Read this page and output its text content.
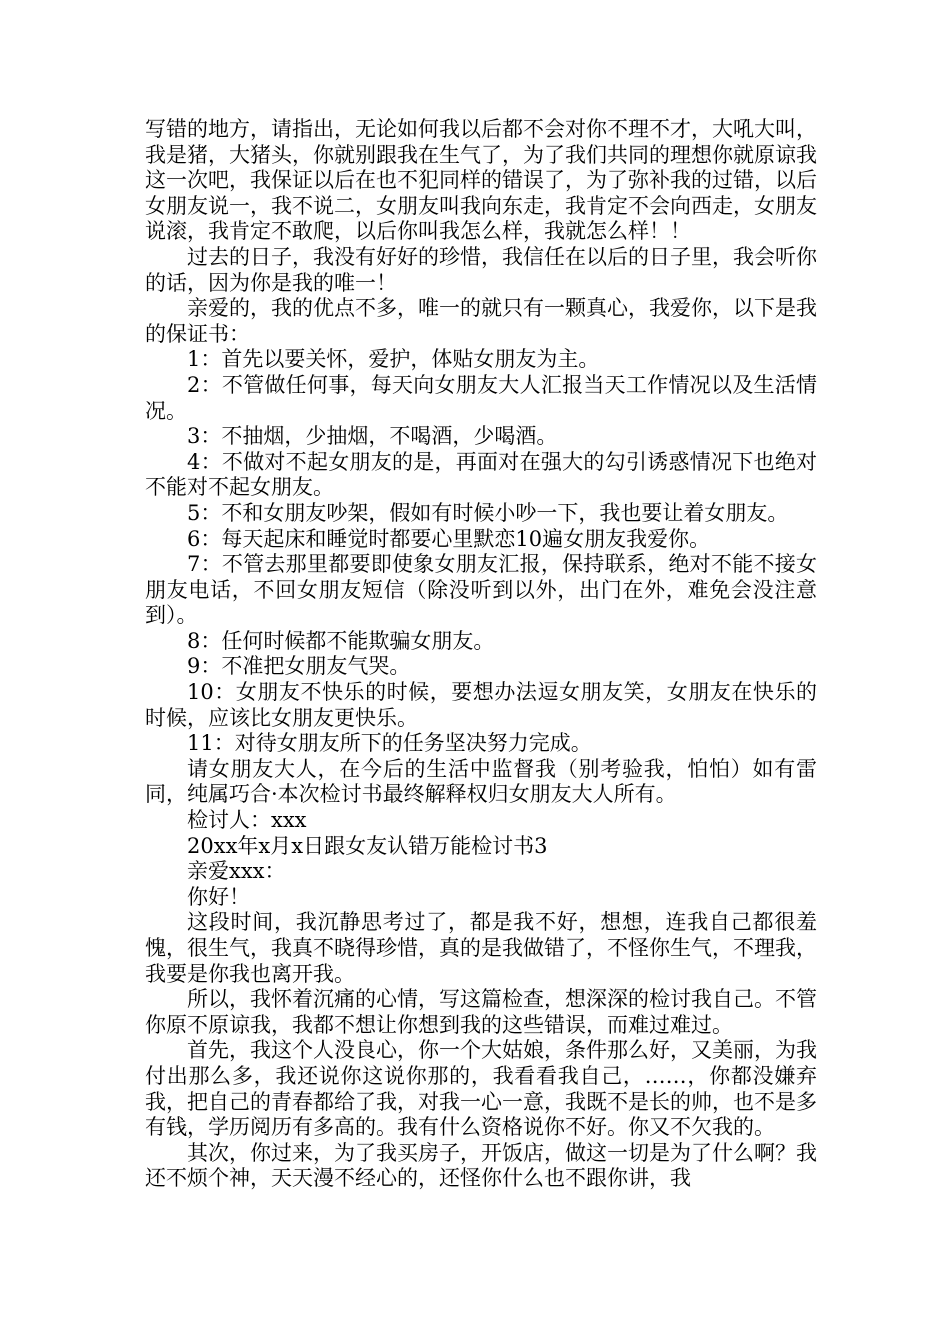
写错的地方，请指出，无论如何我以后都不会对你不理不才，大吼大叫，我是猪，大猪头，你就别跟我在生气了，为了我们共同的理想你就原谅我这一次吧，我保证以后在也不犯同样的错误了，为了弥补我的过错，以后女朋友说一，我不说二，女朋友叫我向东走，我肯定不会向西走，女朋友说滚，我肯定不敢爬，以后你叫我怎么样，我就怎么样！！

过去的日子，我没有好好的珍惜，我信任在以后的日子里，我会听你的话，因为你是我的唯一！

亲爱的，我的优点不多，唯一的就只有一颗真心，我爱你，以下是我的保证书：

1：首先以要关怀，爱护，体贴女朋友为主。

2：不管做任何事，每天向女朋友大人汇报当天工作情况以及生活情况。

3：不抽烟，少抽烟，不喝酒，少喝酒。

4：不做对不起女朋友的是，再面对在强大的勾引诱惑情况下也绝对不能对不起女朋友。

5：不和女朋友吵架，假如有时候小吵一下，我也要让着女朋友。

6：每天起床和睡觉时都要心里默恋10遍女朋友我爱你。

7：不管去那里都要即使象女朋友汇报，保持联系，绝对不能不接女朋友电话，不回女朋友短信（除没听到以外，出门在外，难免会没注意到）。

8：任何时候都不能欺骗女朋友。

9：不准把女朋友气哭。

10：女朋友不快乐的时候，要想办法逗女朋友笑，女朋友在快乐的时候，应该比女朋友更快乐。

11：对待女朋友所下的任务坚决努力完成。

请女朋友大人，在今后的生活中监督我（别考验我，怕怕）如有雷同，纯属巧合·本次检讨书最终解释权归女朋友大人所有。

检讨人：xxx

20xx年x月x日跟女友认错万能检讨书3

亲爱xxx：

你好！

这段时间，我沉静思考过了，都是我不好，想想，连我自己都很羞愧，很生气，我真不晓得珍惜，真的是我做错了，不怪你生气，不理我，我要是你我也离开我。

所以，我怀着沉痛的心情，写这篇检查，想深深的检讨我自己。不管你原不原谅我，我都不想让你想到我的这些错误，而难过难过。

首先，我这个人没良心，你一个大姑娘，条件那么好，又美丽，为我付出那么多，我还说你这说你那的，我看看我自己，……，你都没嫌弃我，把自己的青春都给了我，对我一心一意，我既不是长的帅，也不是多有钱，学历阅历有多高的。我有什么资格说你不好。你又不欠我的。

其次，你过来，为了我买房子，开饭店，做这一切是为了什么啊？我还不烦个神，天天漫不经心的，还怪你什么也不跟你讲，我
